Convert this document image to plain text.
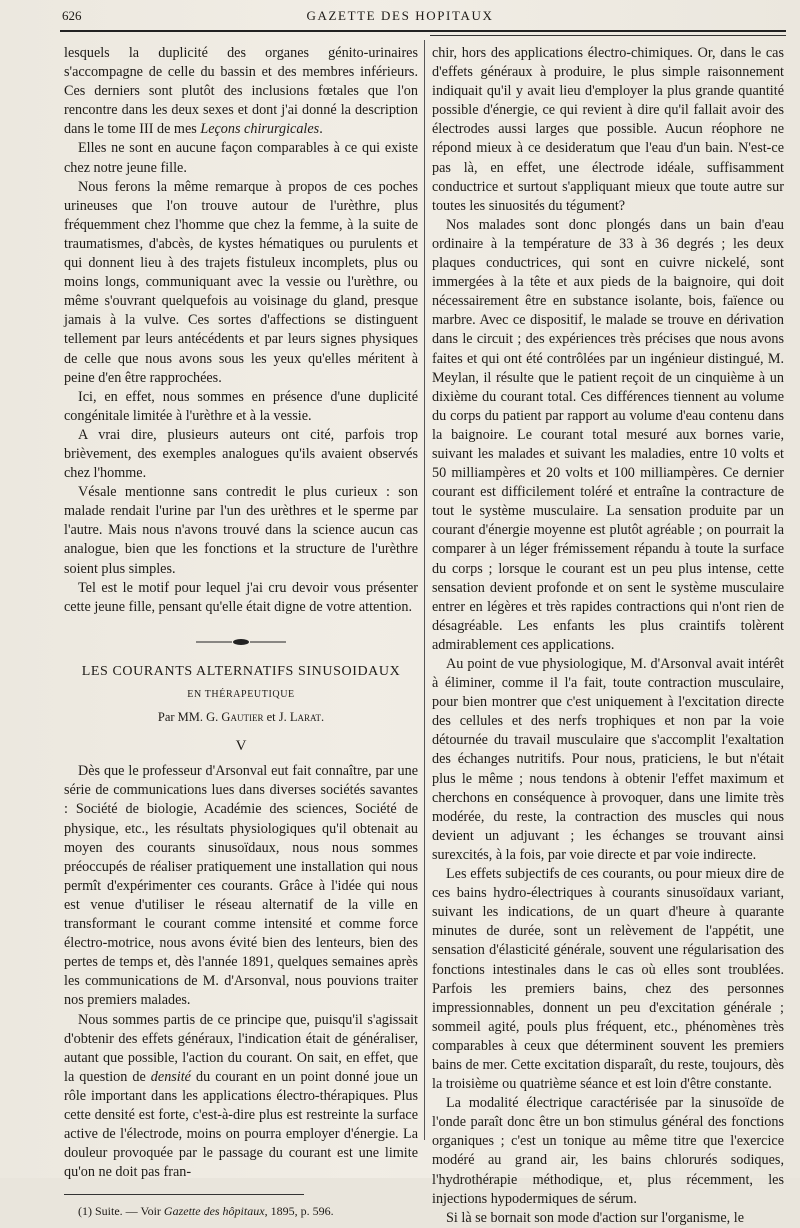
626	GAZETTE DES HOPITAUX

lesquels la duplicité des organes génito-urinaires s'accompagne de celle du bassin et des membres inférieurs. Ces derniers sont plutôt des inclusions fœtales que l'on rencontre dans les deux sexes et dont j'ai donné la description dans le tome III de mes Leçons chirurgicales.

Elles ne sont en aucune façon comparables à ce qui existe chez notre jeune fille.

Nous ferons la même remarque à propos de ces poches urineuses que l'on trouve autour de l'urèthre, plus fréquemment chez l'homme que chez la femme, à la suite de traumatismes, d'abcès, de kystes hématiques ou purulents et qui donnent lieu à des trajets fistuleux incomplets, plus ou moins longs, communiquant avec la vessie ou l'urèthre, ou même s'ouvrant quelquefois au voisinage du gland, presque jamais à la vulve. Ces sortes d'affections se distinguent tellement par leurs antécédents et par leurs signes physiques de celle que nous avons sous les yeux qu'elles méritent à peine d'en être rapprochées.

Ici, en effet, nous sommes en présence d'une duplicité congénitale limitée à l'urèthre et à la vessie.

A vrai dire, plusieurs auteurs ont cité, parfois trop brièvement, des exemples analogues qu'ils avaient observés chez l'homme.

Vésale mentionne sans contredit le plus curieux : son malade rendait l'urine par l'un des urèthres et le sperme par l'autre. Mais nous n'avons trouvé dans la science aucun cas analogue, bien que les fonctions et la structure de l'urèthre soient plus simples.

Tel est le motif pour lequel j'ai cru devoir vous présenter cette jeune fille, pensant qu'elle était digne de votre attention.

LES COURANTS ALTERNATIFS SINUSOIDAUX
EN THÉRAPEUTIQUE
Par MM. G. Gautier et J. Larat.
V

Dès que le professeur d'Arsonval eut fait connaître, par une série de communications lues dans diverses sociétés savantes : Société de biologie, Académie des sciences, Société de physique, etc., les résultats physiologiques qu'il obtenait au moyen des courants sinusoïdaux, nous nous sommes préoccupés de réaliser pratiquement une installation qui nous permît d'expérimenter ces courants. Grâce à l'idée qui nous est venue d'utiliser le réseau alternatif de la ville en transformant le courant comme intensité et comme force électro-motrice, nous avons évité bien des lenteurs, bien des pertes de temps et, dès l'année 1891, quelques semaines après les communications de M. d'Arsonval, nous pouvions traiter nos premiers malades.

Nous sommes partis de ce principe que, puisqu'il s'agissait d'obtenir des effets généraux, l'indication était de généraliser, autant que possible, l'action du courant. On sait, en effet, que la question de densité du courant en un point donné joue un rôle important dans les applications électro-thérapiques. Plus cette densité est forte, c'est-à-dire plus est restreinte la surface active de l'électrode, moins on pourra employer d'énergie. La douleur provoquée par le passage du courant est une limite qu'on ne doit pas fran-

(1) Suite. — Voir Gazette des hôpitaux, 1895, p. 596.

chir, hors des applications électro-chimiques. Or, dans le cas d'effets généraux à produire, le plus simple raisonnement indiquait qu'il y avait lieu d'employer la plus grande quantité possible d'énergie, ce qui revient à dire qu'il fallait avoir des électrodes aussi larges que possible. Aucun réophore ne répond mieux à ce desideratum que l'eau d'un bain. N'est-ce pas là, en effet, une électrode idéale, suffisamment conductrice et surtout s'appliquant mieux que toute autre sur toutes les sinuosités du tégument?

Nos malades sont donc plongés dans un bain d'eau ordinaire à la température de 33 à 36 degrés ; les deux plaques conductrices, qui sont en cuivre nickelé, sont immergées à la tête et aux pieds de la baignoire, qui doit nécessairement être en substance isolante, bois, faïence ou marbre. Avec ce dispositif, le malade se trouve en dérivation dans le circuit ; des expériences très précises que nous avons faites et qui ont été contrôlées par un ingénieur distingué, M. Meylan, il résulte que le patient reçoit de un cinquième à un dixième du courant total. Ces différences tiennent au volume du corps du patient par rapport au volume d'eau contenu dans la baignoire. Le courant total mesuré aux bornes varie, suivant les malades et suivant les maladies, entre 10 volts et 50 milliampères et 20 volts et 100 milliampères. Ce dernier courant est difficilement toléré et entraîne la contracture de tout le système musculaire. La sensation produite par un courant d'énergie moyenne est plutôt agréable ; on pourrait la comparer à un léger frémissement répandu à toute la surface du corps ; lorsque le courant est un peu plus intense, cette sensation devient profonde et on sent le système musculaire entrer en légères et très rapides contractions qui n'ont rien de désagréable. Les enfants les plus craintifs tolèrent admirablement ces applications.

Au point de vue physiologique, M. d'Arsonval avait intérêt à éliminer, comme il l'a fait, toute contraction musculaire, pour bien montrer que c'est uniquement à l'excitation directe des cellules et des nerfs trophiques et non par la voie détournée du travail musculaire que s'accomplit l'exaltation des échanges nutritifs. Pour nous, praticiens, le but n'était plus le même ; nous tendons à obtenir l'effet maximum et cherchons en conséquence à provoquer, dans une limite très modérée, du reste, la contraction des muscles qui nous devient un adjuvant ; les échanges se trouvant ainsi surexcités, à la fois, par voie directe et par voie indirecte.

Les effets subjectifs de ces courants, ou pour mieux dire de ces bains hydro-électriques à courants sinusoïdaux variant, suivant les indications, de un quart d'heure à quarante minutes de durée, sont un relèvement de l'appétit, une sensation d'élasticité générale, souvent une régularisation des fonctions intestinales dans le cas où elles sont troublées. Parfois les premiers bains, chez des personnes impressionnables, donnent un peu d'excitation générale ; sommeil agité, pouls plus fréquent, etc., phénomènes très comparables à ceux que déterminent souvent les premiers bains de mer. Cette excitation disparaît, du reste, toujours, dès la troisième ou quatrième séance et est loin d'être constante.

La modalité électrique caractérisée par la sinusoïde de l'onde paraît donc être un bon stimulus général des fonctions organiques ; c'est un tonique au même titre que l'exercice modéré au grand air, les bains chlorurés sodiques, l'hydrothérapie méthodique, et, plus récemment, les injections hypodermiques de sérum.

Si là se bornait son mode d'action sur l'organisme, le
